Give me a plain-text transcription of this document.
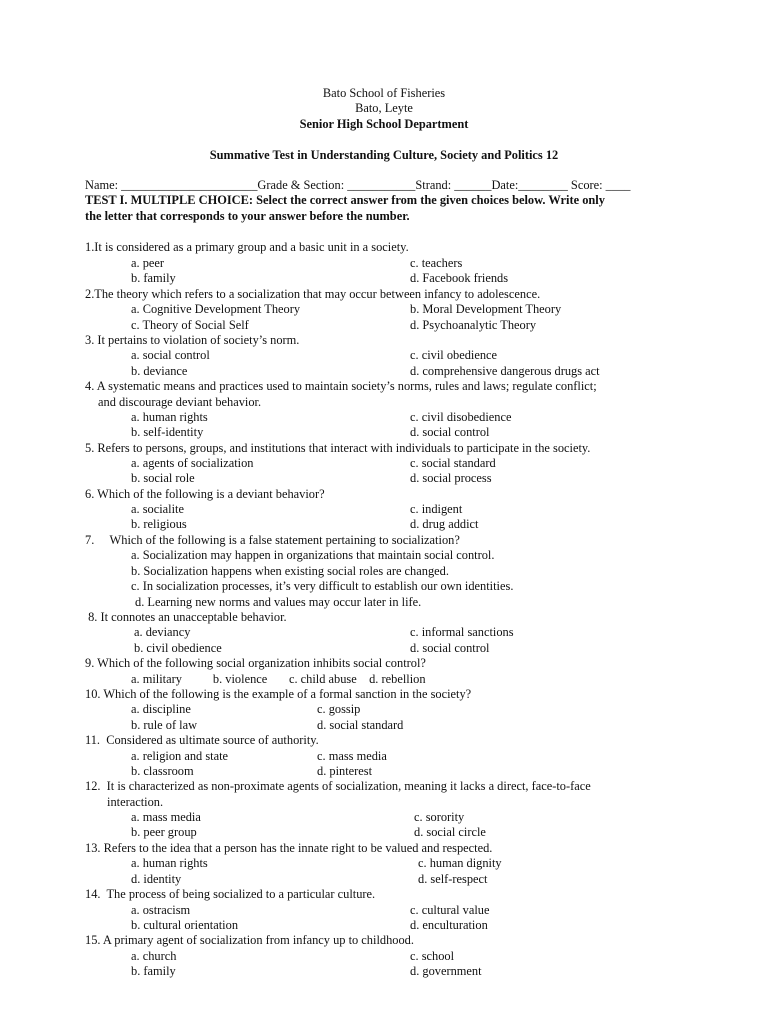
Bato School of Fisheries
Bato, Leyte
Senior High School Department
Summative Test in Understanding Culture, Society and Politics 12
Name: ______________________Grade & Section: ___________Strand: ______Date:________ Score: ____
TEST I. MULTIPLE CHOICE: Select the correct answer from the given choices below. Write only
the letter that corresponds to your answer before the number.
1.It is considered as a primary group and a basic unit in a society.
a. peer	c. teachers
b. family	d. Facebook friends
2.The theory which refers to a socialization that may occur between infancy to adolescence.
a. Cognitive Development Theory	b. Moral Development Theory
c. Theory of Social Self	d. Psychoanalytic Theory
3. It pertains to violation of society’s norm.
a. social control	c. civil obedience
b. deviance	d. comprehensive dangerous drugs act
4. A systematic means and practices used to maintain society’s norms, rules and laws; regulate conflict;
and discourage deviant behavior.
a. human rights	c. civil disobedience
b. self-identity	d. social control
5. Refers to persons, groups, and institutions that interact with individuals to participate in the society.
a. agents of socialization	c. social standard
b. social role	d. social process
6. Which of the following is a deviant behavior?
a. socialite	c. indigent
b. religious	d. drug addict
7.     Which of the following is a false statement pertaining to socialization?
a. Socialization may happen in organizations that maintain social control.
b. Socialization happens when existing social roles are changed.
c. In socialization processes, it’s very difficult to establish our own identities.
d. Learning new norms and values may occur later in life.
8. It connotes an unacceptable behavior.
a. deviancy	c. informal sanctions
b. civil obedience	d. social control
9. Which of the following social organization inhibits social control?
a. military          b. violence       c. child abuse    d. rebellion
10. Which of the following is the example of a formal sanction in the society?
a. discipline	c. gossip
b. rule of law	d. social standard
11.  Considered as ultimate source of authority.
a. religion and state	c. mass media
b. classroom	d. pinterest
12.  It is characterized as non-proximate agents of socialization, meaning it lacks a direct, face-to-face
interaction.
a. mass media	c. sorority
b. peer group	d. social circle
13. Refers to the idea that a person has the innate right to be valued and respected.
a. human rights	c. human dignity
d. identity	d. self-respect
14.  The process of being socialized to a particular culture.
a. ostracism	c. cultural value
b. cultural orientation	d. enculturation
15. A primary agent of socialization from infancy up to childhood.
a. church	c. school
b. family	d. government
